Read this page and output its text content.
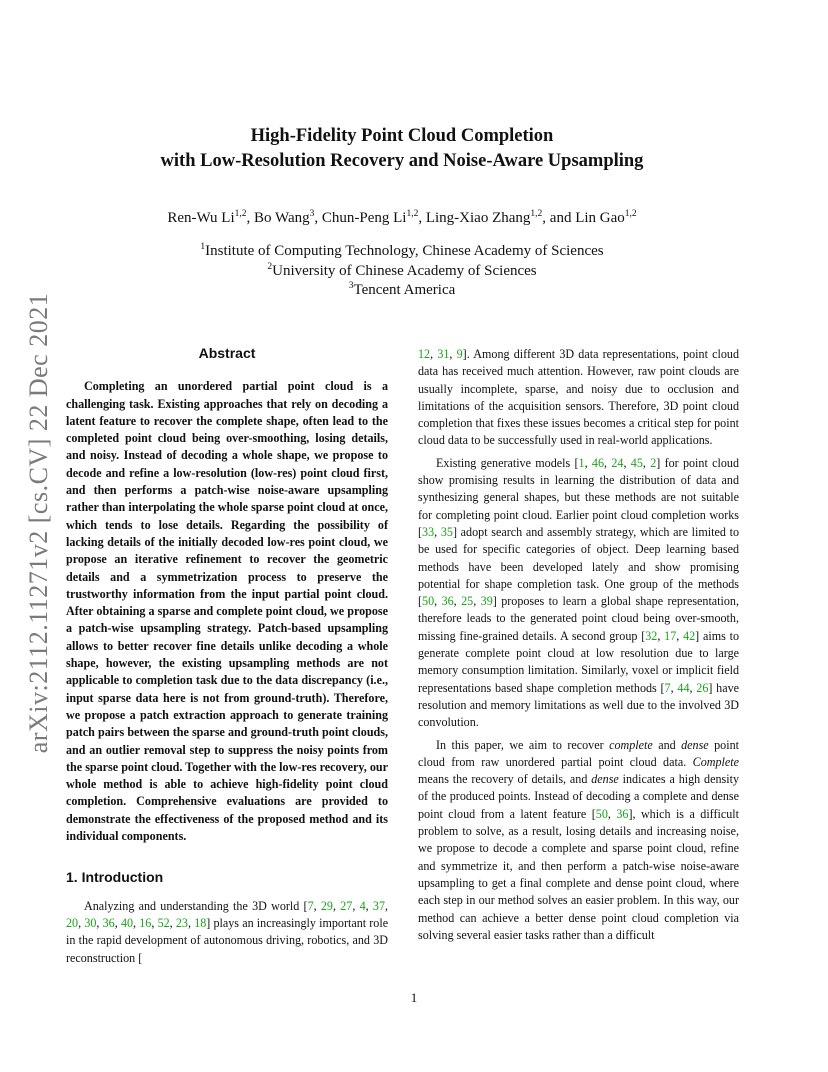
arXiv:2112.11271v2 [cs.CV] 22 Dec 2021
High-Fidelity Point Cloud Completion
with Low-Resolution Recovery and Noise-Aware Upsampling
Ren-Wu Li$^{1,2}$, Bo Wang$^3$, Chun-Peng Li$^{1,2}$, Ling-Xiao Zhang$^{1,2}$, and Lin Gao$^{1,2}$
$^1$Institute of Computing Technology, Chinese Academy of Sciences
$^2$University of Chinese Academy of Sciences
$^3$Tencent America
Abstract

Completing an unordered partial point cloud is a challenging task. Existing approaches that rely on decoding a latent feature to recover the complete shape, often lead to the completed point cloud being over-smoothing, losing details, and noisy. Instead of decoding a whole shape, we propose to decode and refine a low-resolution (low-res) point cloud first, and then performs a patch-wise noise-aware upsampling rather than interpolating the whole sparse point cloud at once, which tends to lose details. Regarding the possibility of lacking details of the initially decoded low-res point cloud, we propose an iterative refinement to recover the geometric details and a symmetrization process to preserve the trustworthy information from the input partial point cloud. After obtaining a sparse and complete point cloud, we propose a patch-wise upsampling strategy. Patch-based upsampling allows to better recover fine details unlike decoding a whole shape, however, the existing upsampling methods are not applicable to completion task due to the data discrepancy (i.e., input sparse data here is not from ground-truth). Therefore, we propose a patch extraction approach to generate training patch pairs between the sparse and ground-truth point clouds, and an outlier removal step to suppress the noisy points from the sparse point cloud. Together with the low-res recovery, our whole method is able to achieve high-fidelity point cloud completion. Comprehensive evaluations are provided to demonstrate the effectiveness of the proposed method and its individual components.

1. Introduction

Analyzing and understanding the 3D world [7, 29, 27, 4, 37, 20, 30, 36, 40, 16, 52, 23, 18] plays an increasingly important role in the rapid development of autonomous driving, robotics, and 3D reconstruction [

12, 31, 9]. Among different 3D data representations, point cloud data has received much attention. However, raw point clouds are usually incomplete, sparse, and noisy due to occlusion and limitations of the acquisition sensors. Therefore, 3D point cloud completion that fixes these issues becomes a critical step for point cloud data to be successfully used in real-world applications.

Existing generative models [1, 46, 24, 45, 2] for point cloud show promising results in learning the distribution of data and synthesizing general shapes, but these methods are not suitable for completing point cloud. Earlier point cloud completion works [33, 35] adopt search and assembly strategy, which are limited to be used for specific categories of object. Deep learning based methods have been developed lately and show promising potential for shape completion task. One group of the methods [50, 36, 25, 39] proposes to learn a global shape representation, therefore leads to the generated point cloud being over-smooth, missing fine-grained details. A second group [32, 17, 42] aims to generate complete point cloud at low resolution due to large memory consumption limitation. Similarly, voxel or implicit field representations based shape completion methods [7, 44, 26] have resolution and memory limitations as well due to the involved 3D convolution.

In this paper, we aim to recover complete and dense point cloud from raw unordered partial point cloud data. Complete means the recovery of details, and dense indicates a high density of the produced points. Instead of decoding a complete and dense point cloud from a latent feature [50, 36], which is a difficult problem to solve, as a result, losing details and increasing noise, we propose to decode a complete and sparse point cloud, refine and symmetrize it, and then perform a patch-wise noise-aware upsampling to get a final complete and dense point cloud, where each step in our method solves an easier problem. In this way, our method can achieve a better dense point cloud completion via solving several easier tasks rather than a difficult

1
